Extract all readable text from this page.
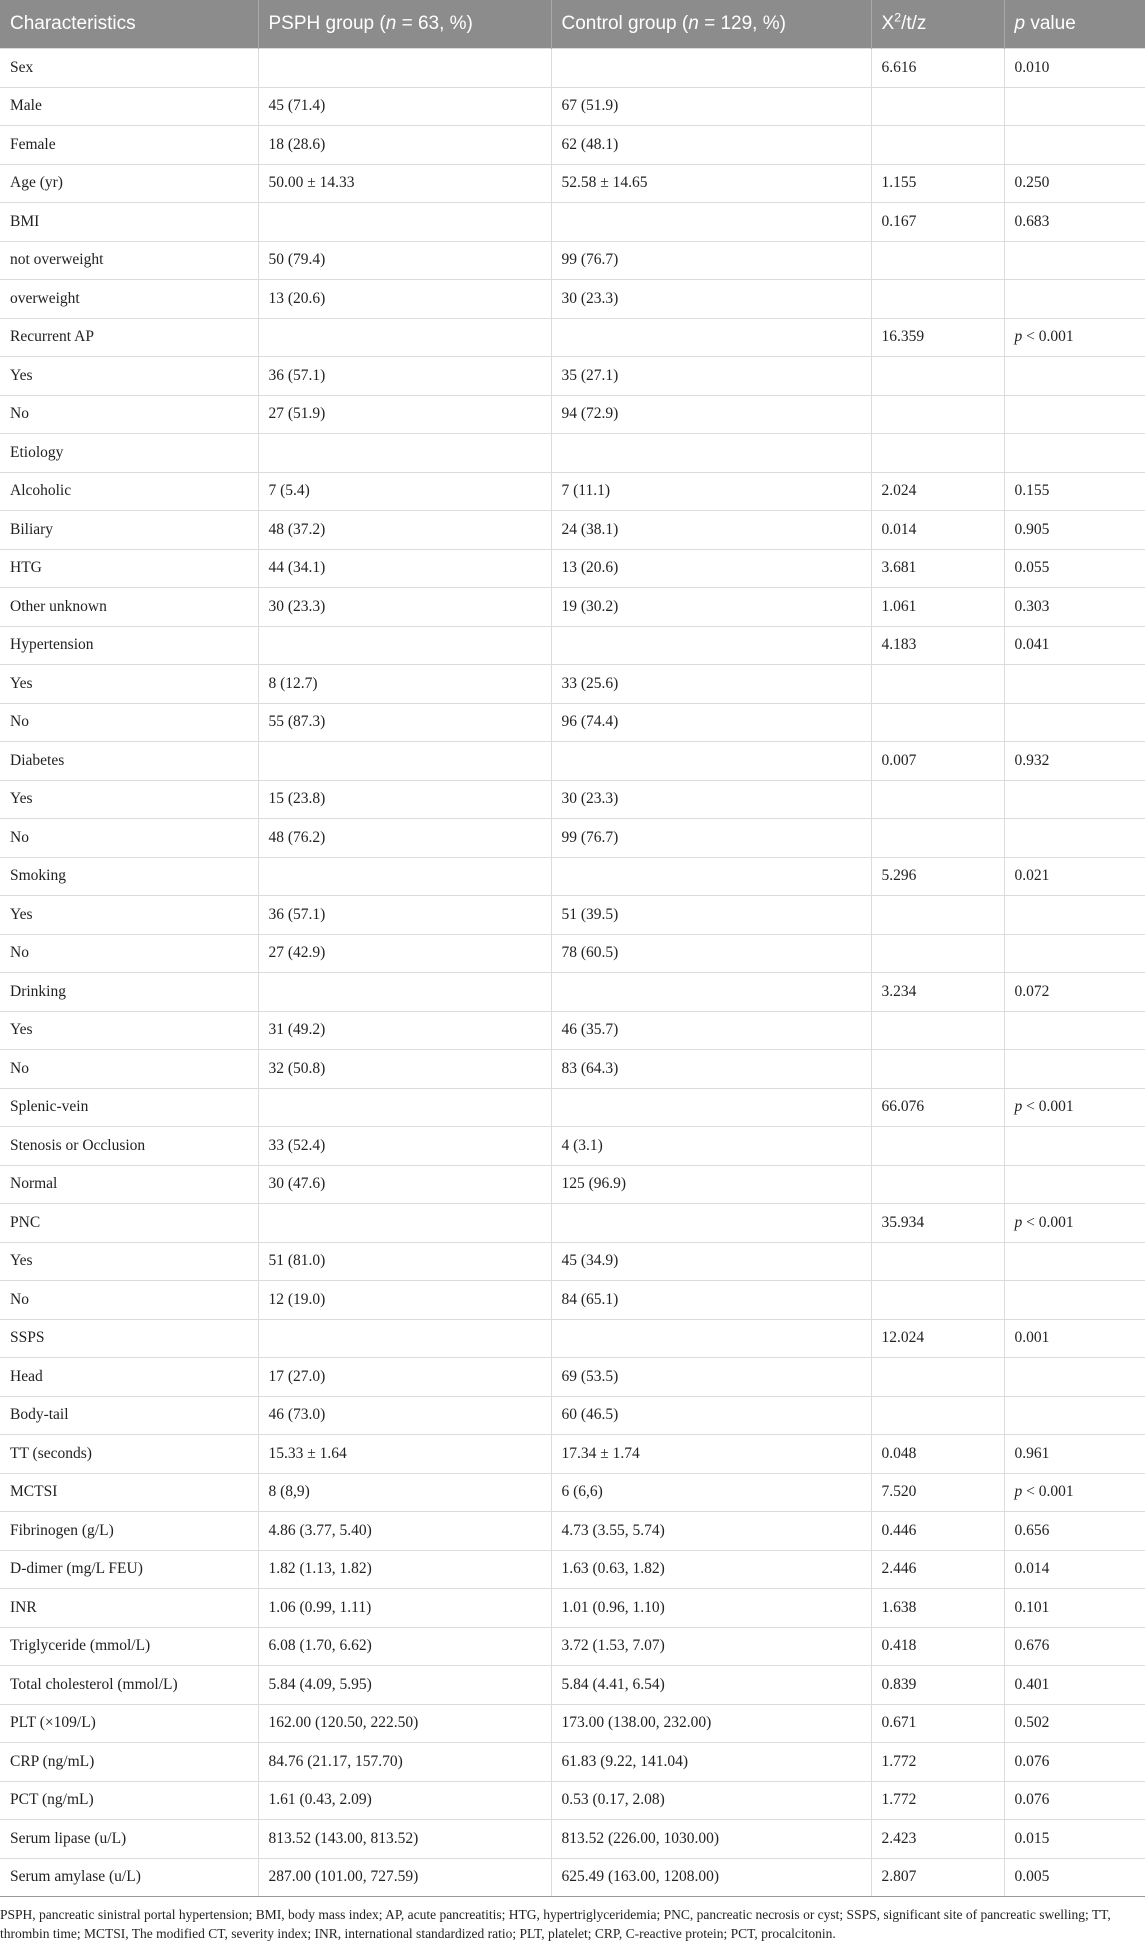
Characteristics	PSPH group (n = 63, %)	Control group (n = 129, %)	$X^2/t/z$	p value
Sex			6.616	0.010
Male	45 (71.4)	67 (51.9)		
Female	18 (28.6)	62 (48.1)		
Age (yr)	50.00 ± 14.33	52.58 ± 14.65	1.155	0.250
BMI			0.167	0.683
not overweight	50 (79.4)	99 (76.7)		
overweight	13 (20.6)	30 (23.3)		
Recurrent AP			16.359	p < 0.001
Yes	36 (57.1)	35 (27.1)		
No	27 (51.9)	94 (72.9)		
Etiology				
Alcoholic	7 (5.4)	7 (11.1)	2.024	0.155
Biliary	48 (37.2)	24 (38.1)	0.014	0.905
HTG	44 (34.1)	13 (20.6)	3.681	0.055
Other unknown	30 (23.3)	19 (30.2)	1.061	0.303
Hypertension			4.183	0.041
Yes	8 (12.7)	33 (25.6)		
No	55 (87.3)	96 (74.4)		
Diabetes			0.007	0.932
Yes	15 (23.8)	30 (23.3)		
No	48 (76.2)	99 (76.7)		
Smoking			5.296	0.021
Yes	36 (57.1)	51 (39.5)		
No	27 (42.9)	78 (60.5)		
Drinking			3.234	0.072
Yes	31 (49.2)	46 (35.7)		
No	32 (50.8)	83 (64.3)		
Splenic-vein			66.076	p < 0.001
Stenosis or Occlusion	33 (52.4)	4 (3.1)		
Normal	30 (47.6)	125 (96.9)		
PNC			35.934	p < 0.001
Yes	51 (81.0)	45 (34.9)		
No	12 (19.0)	84 (65.1)		
SSPS			12.024	0.001
Head	17 (27.0)	69 (53.5)		
Body-tail	46 (73.0)	60 (46.5)		
TT (seconds)	15.33 ± 1.64	17.34 ± 1.74	0.048	0.961
MCTSI	8 (8,9)	6 (6,6)	7.520	p < 0.001
Fibrinogen (g/L)	4.86 (3.77, 5.40)	4.73 (3.55, 5.74)	0.446	0.656
D-dimer (mg/L FEU)	1.82 (1.13, 1.82)	1.63 (0.63, 1.82)	2.446	0.014
INR	1.06 (0.99, 1.11)	1.01 (0.96, 1.10)	1.638	0.101
Triglyceride (mmol/L)	6.08 (1.70, 6.62)	3.72 (1.53, 7.07)	0.418	0.676
Total cholesterol (mmol/L)	5.84 (4.09, 5.95)	5.84 (4.41, 6.54)	0.839	0.401
PLT (×109/L)	162.00 (120.50, 222.50)	173.00 (138.00, 232.00)	0.671	0.502
CRP (ng/mL)	84.76 (21.17, 157.70)	61.83 (9.22, 141.04)	1.772	0.076
PCT (ng/mL)	1.61 (0.43, 2.09)	0.53 (0.17, 2.08)	1.772	0.076
Serum lipase (u/L)	813.52 (143.00, 813.52)	813.52 (226.00, 1030.00)	2.423	0.015
Serum amylase (u/L)	287.00 (101.00, 727.59)	625.49 (163.00, 1208.00)	2.807	0.005

PSPH, pancreatic sinistral portal hypertension; BMI, body mass index; AP, acute pancreatitis; HTG, hypertriglyceridemia; PNC, pancreatic necrosis or cyst; SSPS, significant site of pancreatic swelling; TT, thrombin time; MCTSI, The modified CT, severity index; INR, international standardized ratio; PLT, platelet; CRP, C-reactive protein; PCT, procalcitonin.
